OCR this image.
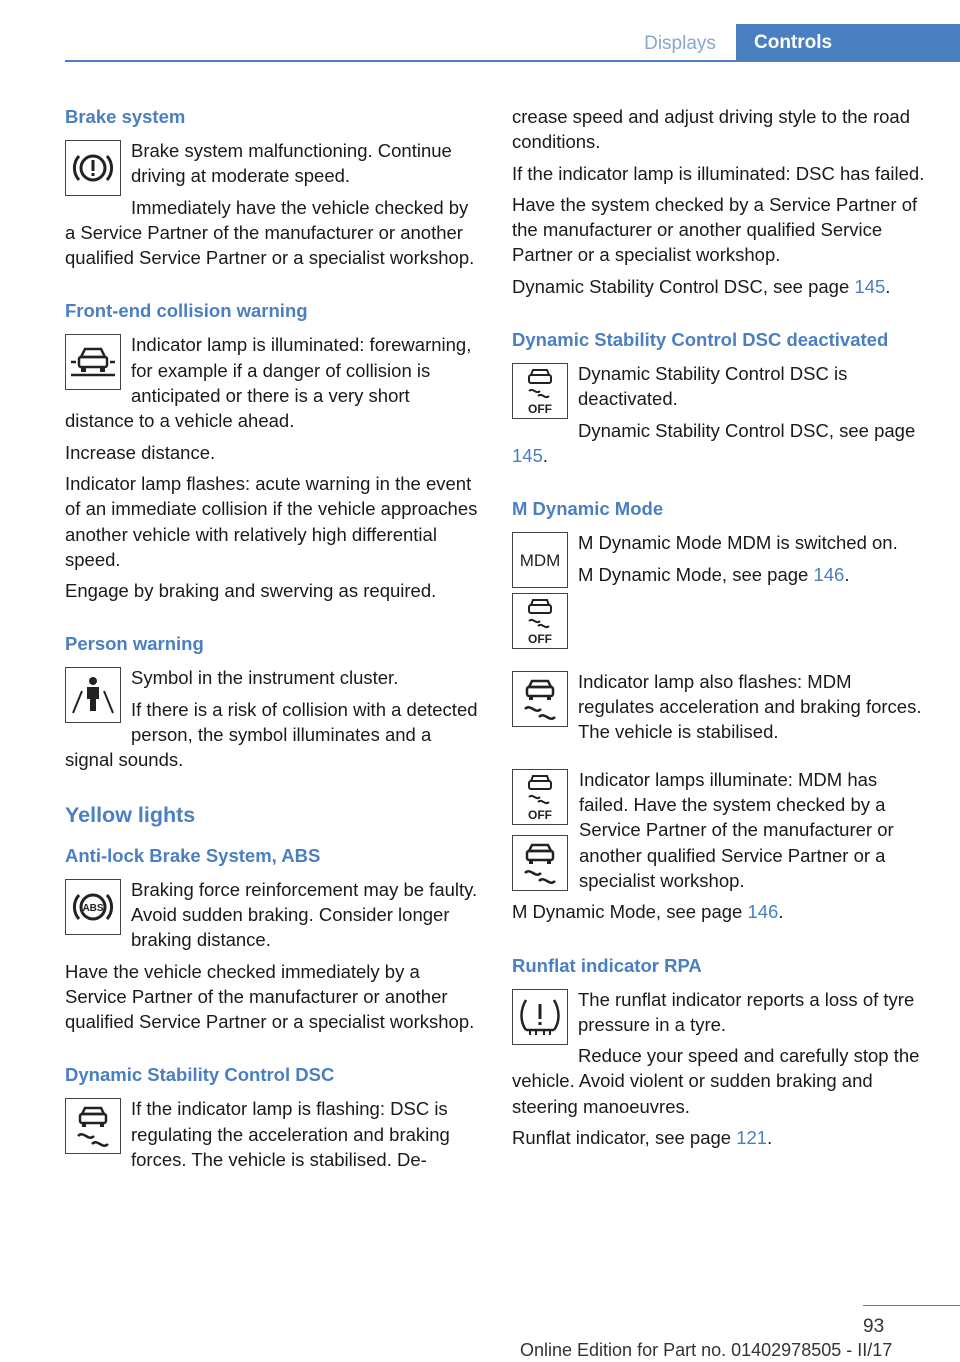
Displays	Controls
Brake system

Brake system malfunctioning. Continue driving at moderate speed.

Immediately have the vehicle checked by a Service Partner of the manufacturer or another qualified Service Partner or a specialist workshop.

Front-end collision warning

Indicator lamp is illuminated: forewarning, for example if a danger of collision is anticipated or there is a very short distance to a vehicle ahead.

Increase distance.

Indicator lamp flashes: acute warning in the event of an immediate collision if the vehicle approaches another vehicle with relatively high differential speed.

Engage by braking and swerving as required.

Person warning

Symbol in the instrument cluster.

If there is a risk of collision with a detected person, the symbol illuminates and a signal sounds.

Yellow lights
Anti-lock Brake System, ABS
ABS

Braking force reinforcement may be faulty. Avoid sudden braking. Consider longer braking distance.

Have the vehicle checked immediately by a Service Partner of the manufacturer or another qualified Service Partner or a specialist workshop.

Dynamic Stability Control DSC

If the indicator lamp is flashing: DSC is regulating the acceleration and braking forces. The vehicle is stabilised. De-

crease speed and adjust driving style to the road conditions.

If the indicator lamp is illuminated: DSC has failed.

Have the system checked by a Service Partner of the manufacturer or another qualified Service Partner or a specialist workshop.

Dynamic Stability Control DSC, see page 145.

Dynamic Stability Control DSC deactivated
OFF

Dynamic Stability Control DSC is deactivated.

Dynamic Stability Control DSC, see page 145.

M Dynamic Mode
MDM

M Dynamic Mode MDM is switched on.

M Dynamic Mode, see page 146.

OFF

Indicator lamp also flashes: MDM regulates acceleration and braking forces. The vehicle is stabilised.

OFF

Indicator lamps illuminate: MDM has failed. Have the system checked by a Service Partner of the manufacturer or another qualified Service Partner or a specialist workshop.

M Dynamic Mode, see page 146.

Runflat indicator RPA

The runflat indicator reports a loss of tyre pressure in a tyre.

Reduce your speed and carefully stop the vehicle. Avoid violent or sudden braking and steering manoeuvres.

Runflat indicator, see page 121.

93
Online Edition for Part no. 01402978505 - II/17
